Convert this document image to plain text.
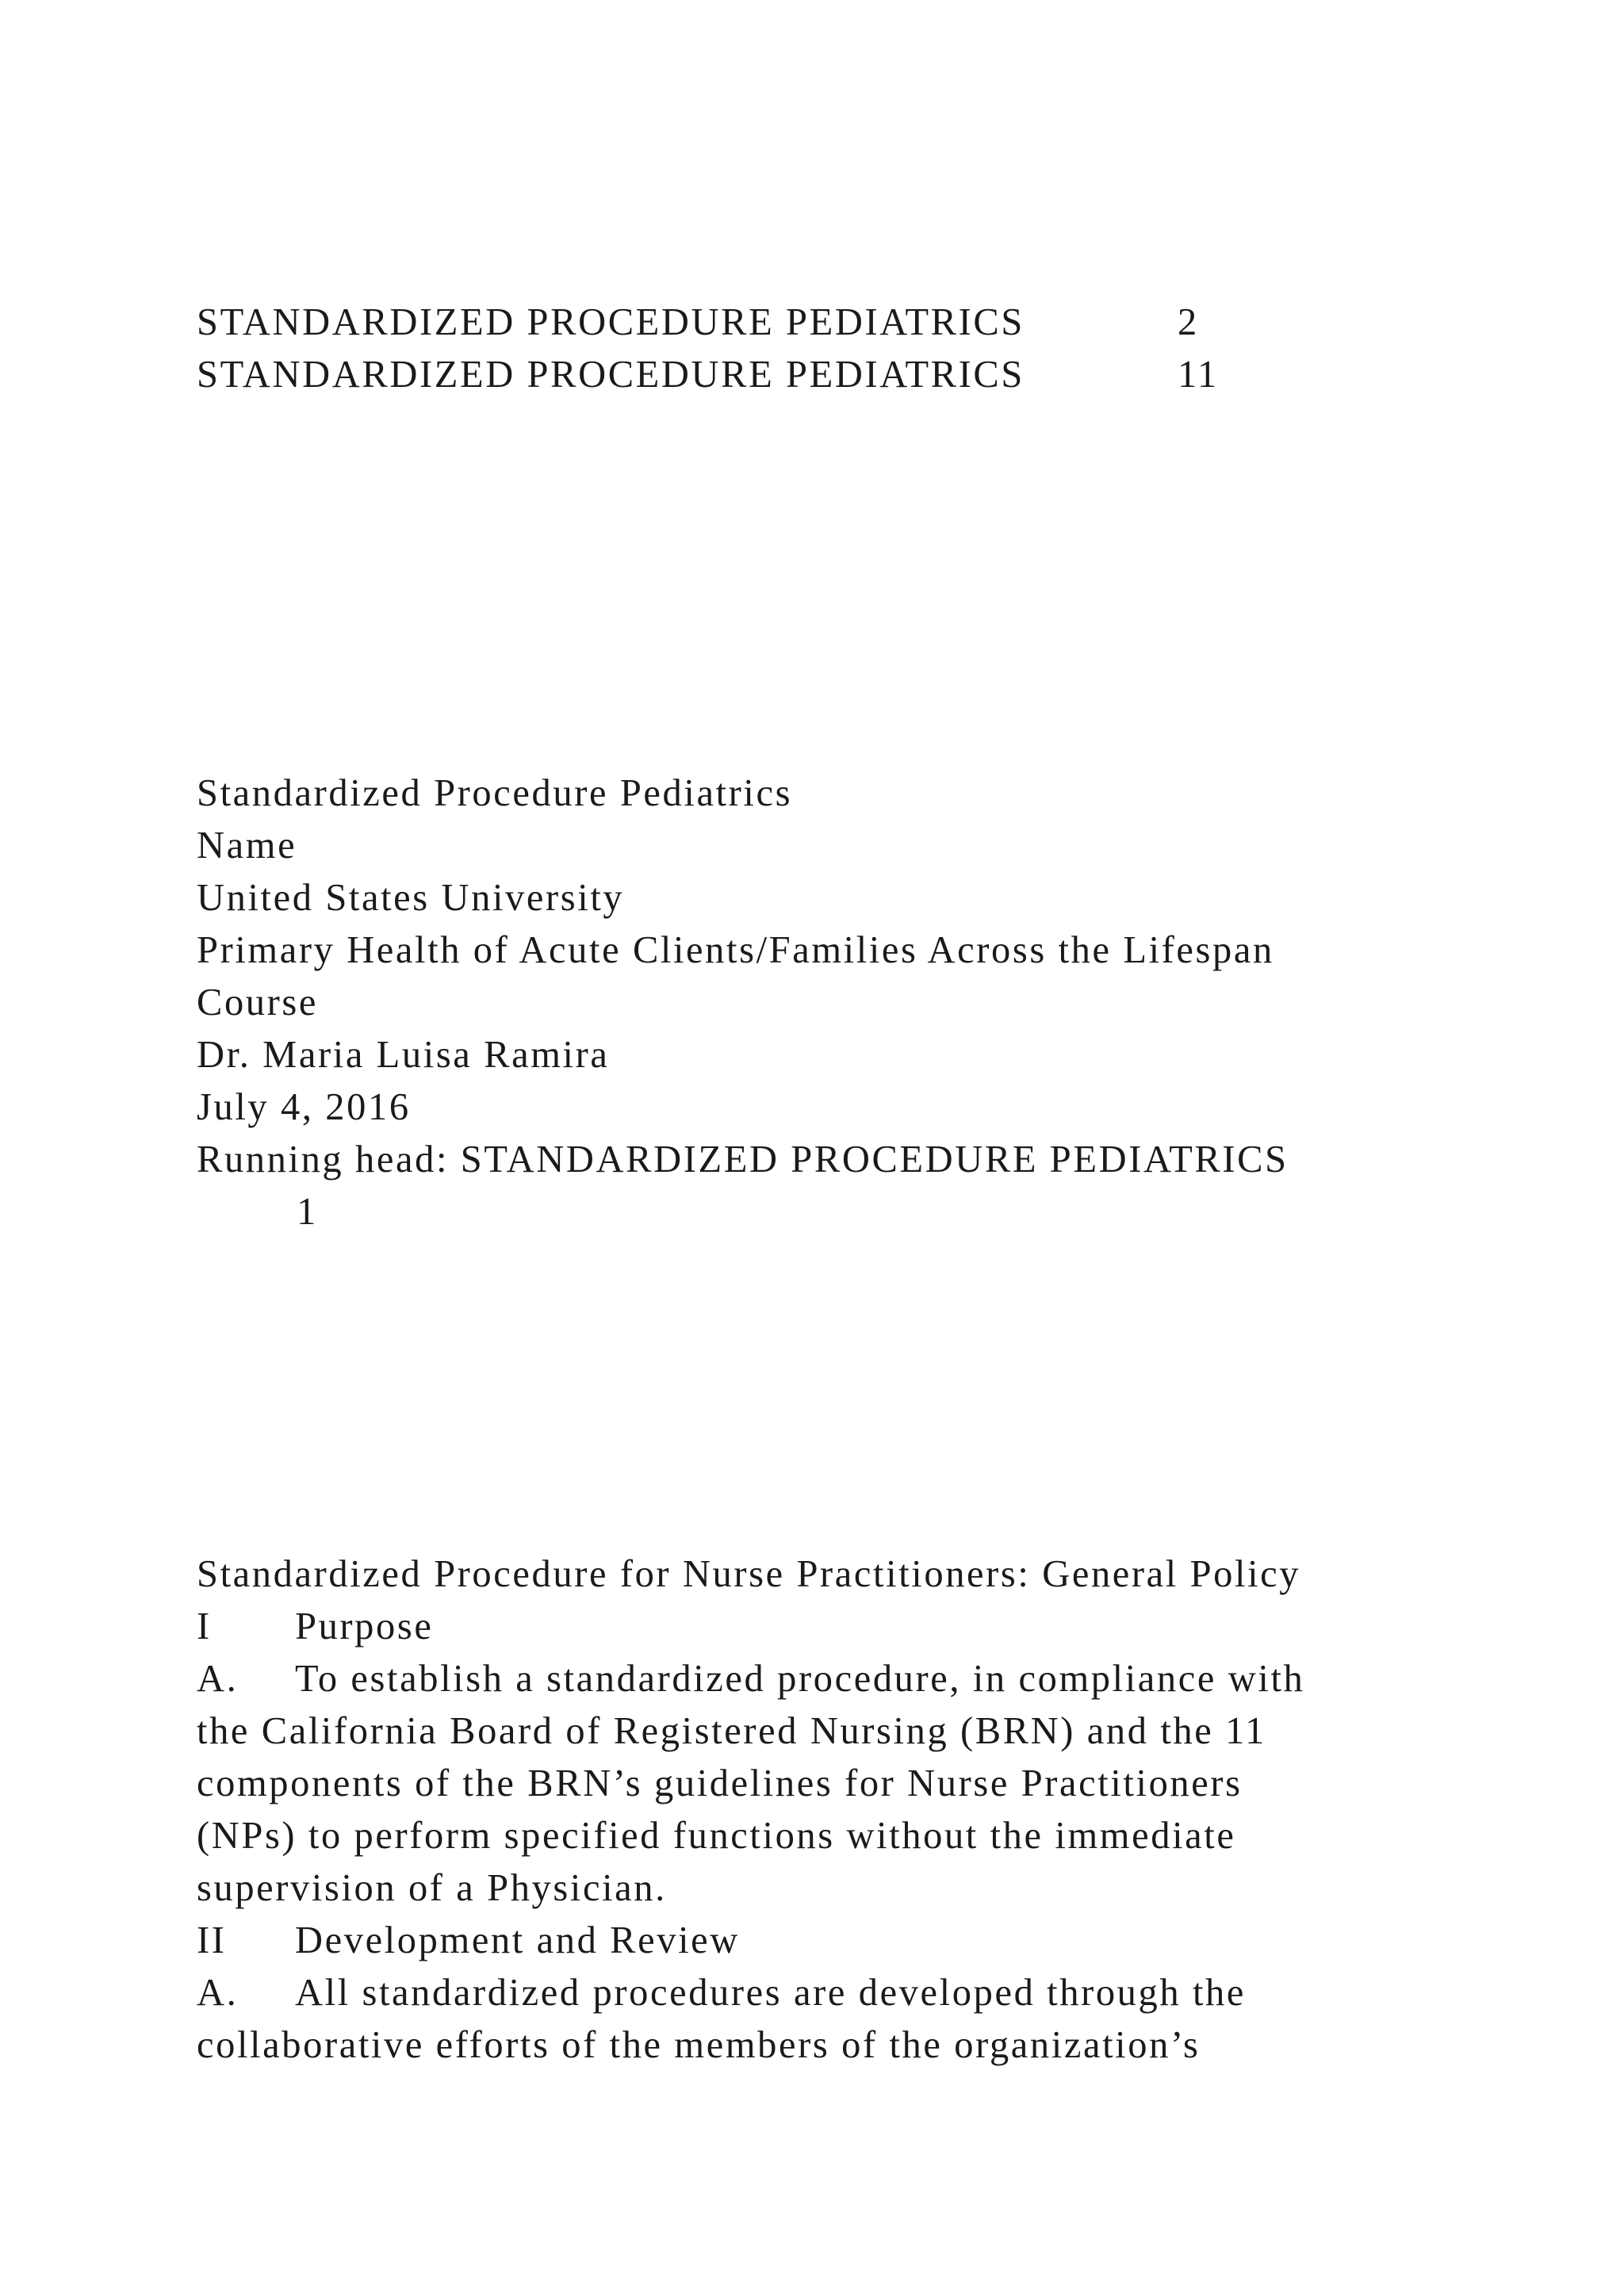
STANDARDIZED PROCEDURE PEDIATRICS	2
STANDARDIZED PROCEDURE PEDIATRICS	11
Standardized Procedure Pediatrics
Name
United States University
Primary Health of Acute Clients/Families Across the Lifespan
Course
Dr. Maria Luisa Ramira
July 4, 2016
Running head: STANDARDIZED PROCEDURE PEDIATRICS
1
Standardized Procedure for Nurse Practitioners: General Policy
I Purpose
A. To establish a standardized procedure, in compliance with
the California Board of Registered Nursing (BRN) and the 11
components of the BRN’s guidelines for Nurse Practitioners
(NPs) to perform specified functions without the immediate
supervision of a Physician.
II Development and Review
A. All standardized procedures are developed through the
collaborative efforts of the members of the organization’s
